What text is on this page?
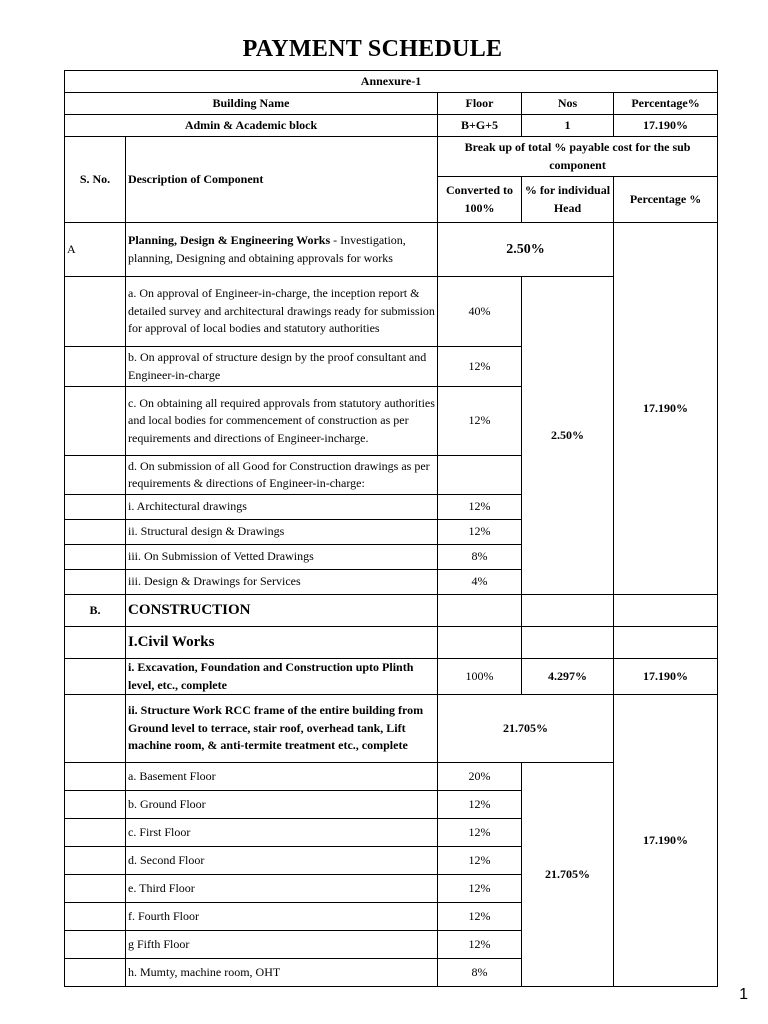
PAYMENT SCHEDULE
Annexure-1				
Building Name		Floor	Nos	Percentage%
Admin & Academic block		B+G+5	1	17.190%
S. No.	Description of Component	Break up of total % payable cost for the sub component		
		Converted to 100%	% for individual Head	Percentage %
A	Planning, Design & Engineering Works - Investigation, planning, Designing and obtaining approvals for works	2.50%		17.190%
	a. On approval of Engineer-in-charge, the inception report & detailed survey and architectural drawings ready for submission for approval of local bodies and statutory authorities	40%	2.50%	
	b. On approval of structure design by the proof consultant and Engineer-in-charge	12%		
	c. On obtaining all required approvals from statutory authorities and local bodies for commencement of construction as per requirements and directions of Engineer-incharge.	12%		
	d. On submission of all Good for Construction drawings as per requirements & directions of Engineer-in-charge:			
	i. Architectural drawings	12%		
	ii. Structural design & Drawings	12%		
	iii. On Submission of Vetted Drawings	8%		
	iii. Design & Drawings for Services	4%		
B.	CONSTRUCTION			
	I.Civil Works			
	i. Excavation, Foundation and Construction upto Plinth level, etc., complete	100%	4.297%	17.190%
	ii. Structure Work RCC frame of the entire building from Ground level to terrace, stair roof, overhead tank, Lift machine room, & anti-termite treatment etc., complete	21.705%		17.190%
	a. Basement Floor	20%	21.705%	
	b. Ground Floor	12%		
	c. First Floor	12%		
	d. Second Floor	12%		
	e. Third Floor	12%		
	f. Fourth Floor	12%		
	g Fifth Floor	12%		
	h. Mumty, machine room, OHT	8%		
1
